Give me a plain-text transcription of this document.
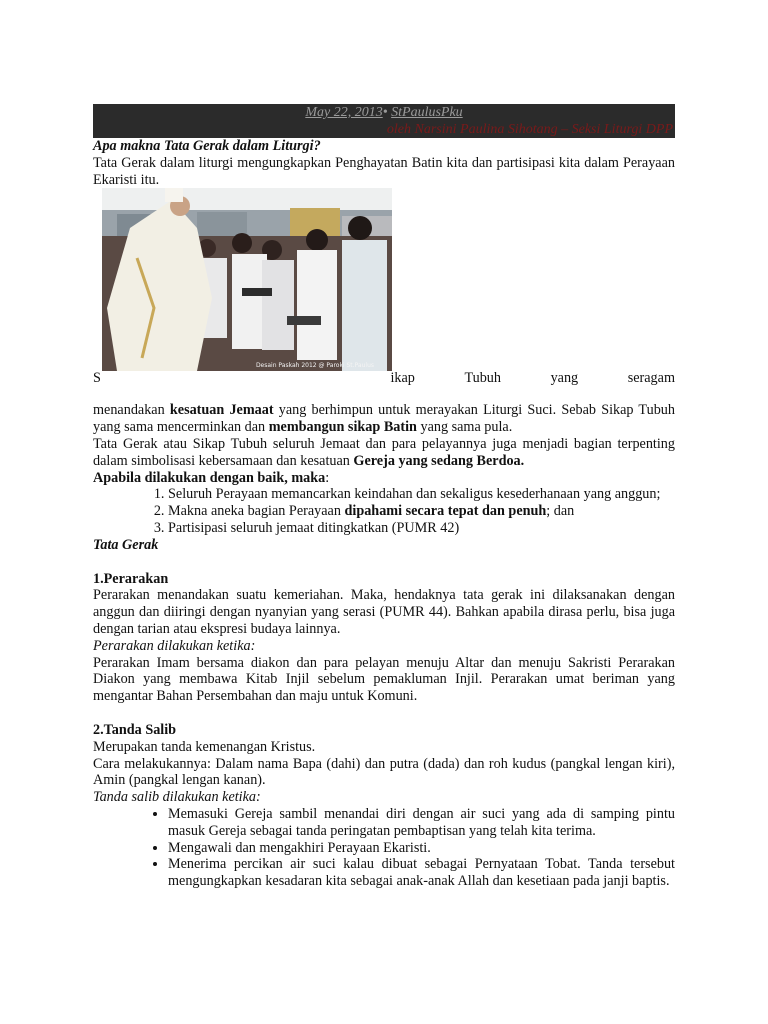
May 22, 2013• StPaulusPku
oleh Narsini Paulina Sihotang – Seksi Liturgi DPP

Apa makna Tata Gerak dalam Liturgi?

Tata Gerak dalam liturgi mengungkapkan Penghayatan Batin kita dan partisipasi kita dalam Perayaan Ekaristi itu.

Desain Paskah 2012 @ Paroki St.Paulus
S	ikap	Tubuh	yang	seragam

menandakan kesatuan Jemaat yang berhimpun untuk merayakan Liturgi Suci. Sebab Sikap Tubuh yang sama mencerminkan dan membangun sikap Batin yang sama pula.

Tata Gerak atau Sikap Tubuh seluruh Jemaat dan para pelayannya juga menjadi bagian terpenting dalam simbolisasi kebersamaan dan kesatuan Gereja yang sedang Berdoa.

Apabila dilakukan dengan baik, maka:

1. Seluruh Perayaan memancarkan keindahan dan sekaligus kesederhanaan yang anggun;
2. Makna aneka bagian Perayaan dipahami secara tepat dan penuh; dan
3. Partisipasi seluruh jemaat ditingkatkan (PUMR 42)

Tata Gerak

1.Perarakan

Perarakan menandakan suatu kemeriahan. Maka, hendaknya tata gerak ini dilaksanakan dengan anggun dan diiringi dengan nyanyian yang serasi (PUMR 44). Bahkan apabila dirasa perlu, bisa juga dengan tarian atau ekspresi budaya lainnya.

Perarakan dilakukan ketika:

Perarakan Imam bersama diakon dan para pelayan menuju Altar dan menuju Sakristi Perarakan Diakon yang membawa Kitab Injil sebelum pemakluman Injil. Perarakan umat beriman yang mengantar Bahan Persembahan dan maju untuk Komuni.

2.Tanda Salib

Merupakan tanda kemenangan Kristus.

Cara melakukannya: Dalam nama Bapa (dahi) dan putra (dada) dan roh kudus (pangkal lengan kiri), Amin (pangkal lengan kanan).

Tanda salib dilakukan ketika:

• Memasuki Gereja sambil menandai diri dengan air suci yang ada di samping pintu masuk Gereja sebagai tanda peringatan pembaptisan yang telah kita terima.
• Mengawali dan mengakhiri Perayaan Ekaristi.
• Menerima percikan air suci kalau dibuat sebagai Pernyataan Tobat. Tanda tersebut mengungkapkan kesadaran kita sebagai anak-anak Allah dan kesetiaan pada janji baptis.
